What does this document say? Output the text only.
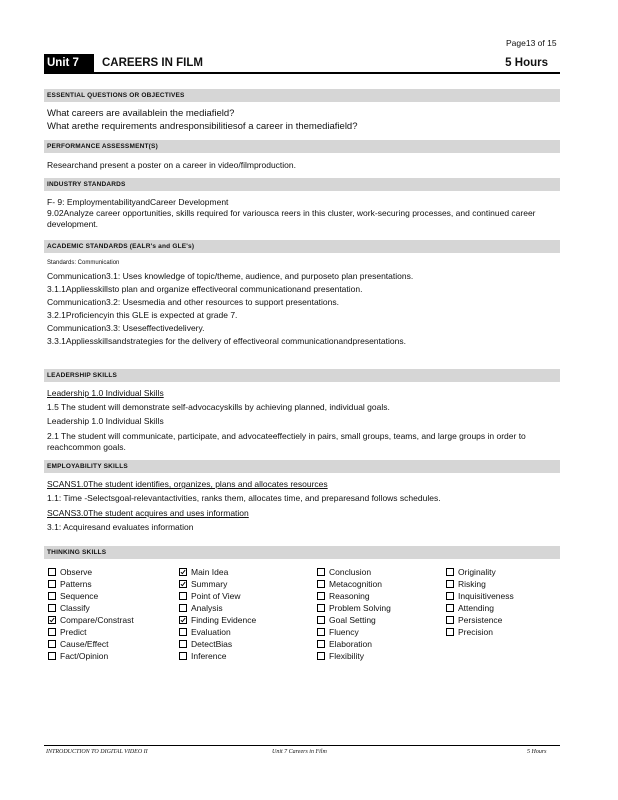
Page13 of 15
Unit 7	CAREERS IN FILM	5 Hours
ESSENTIAL QUESTIONS OR OBJECTIVES
What careers are availablein the mediafield?
What arethe requirements andresponsibilitiesof a career in themediafield?
PERFORMANCE ASSESSMENT(S)
Researchand present a poster on a career in video/filmproduction.
INDUSTRY STANDARDS
F- 9: EmploymentabilityandCareer Development
9.02Analyze career opportunities, skills required for variousca reers in this cluster, work-securing processes, and continued career development.
ACADEMIC STANDARDS (EALR's and GLE's)
Standards: Communication
Communication3.1: Uses knowledge of topic/theme, audience, and purposeto plan presentations.
3.1.1Appliesskillsto plan and organize effectiveoral communicationand presentation.
Communication3.2: Usesmedia and other resources to support presentations.
3.2.1Proficiencyin this GLE is expected at grade 7.
Communication3.3: Useseffectivedelivery.
3.3.1Appliesskillsandstrategies for the delivery of effectiveoral communicationandpresentations.
LEADERSHIP SKILLS
Leadership 1.0 Individual Skills
1.5 The student will demonstrate self-advocacyskills by achieving planned, individual goals.
Leadership 1.0 Individual Skills
2.1 The student will communicate, participate, and advocateeffectiely in pairs, small groups, teams, and large groups in order to reachcommon goals.
EMPLOYABILITY SKILLS
SCANS1.0The student identifies, organizes, plans and allocates resources
1.1: Time -Selectsgoal-relevantactivities, ranks them, allocates time, and preparesand follows schedules.
SCANS3.0The student acquires and uses information
3.1: Acquiresand evaluates information
THINKING SKILLS
Observe
Patterns
Sequence
Classify
Compare/Constrast
Predict
Cause/Effect
Fact/Opinion
Main Idea
Summary
Point of View
Analysis
Finding Evidence
Evaluation
DetectBias
Inference
Conclusion
Metacognition
Reasoning
Problem Solving
Goal Setting
Fluency
Elaboration
Flexibility
Originality
Risking
Inquisitiveness
Attending
Persistence
Precision
INTRODUCTION TO DIGITAL VIDEO II	Unit 7 Careers in Film	5 Hours
